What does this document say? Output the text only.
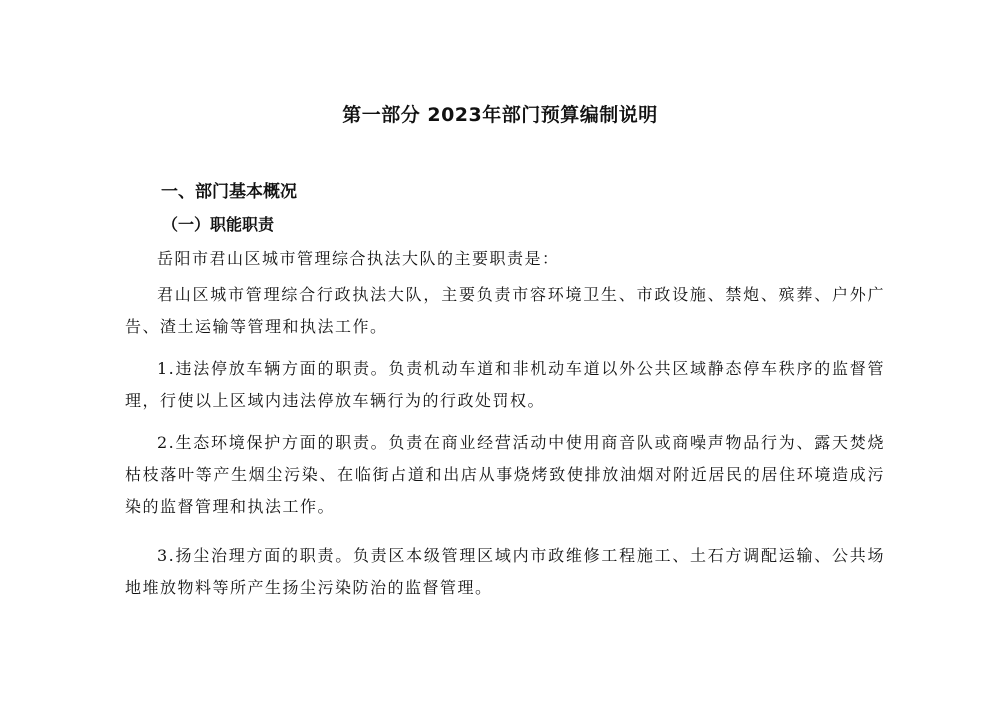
第一部分 2023年部门预算编制说明
一、部门基本概况
（一）职能职责

岳阳市君山区城市管理综合执法大队的主要职责是：

君山区城市管理综合行政执法大队，主要负责市容环境卫生、市政设施、禁炮、殡葬、户外广告、渣土运输等管理和执法工作。

1.违法停放车辆方面的职责。负责机动车道和非机动车道以外公共区域静态停车秩序的监督管理，行使以上区域内违法停放车辆行为的行政处罚权。

2.生态环境保护方面的职责。负责在商业经营活动中使用商音队或商噪声物品行为、露天焚烧枯枝落叶等产生烟尘污染、在临街占道和出店从事烧烤致使排放油烟对附近居民的居住环境造成污染的监督管理和执法工作。

3.扬尘治理方面的职责。负责区本级管理区域内市政维修工程施工、土石方调配运输、公共场地堆放物料等所产生扬尘污染防治的监督管理。
